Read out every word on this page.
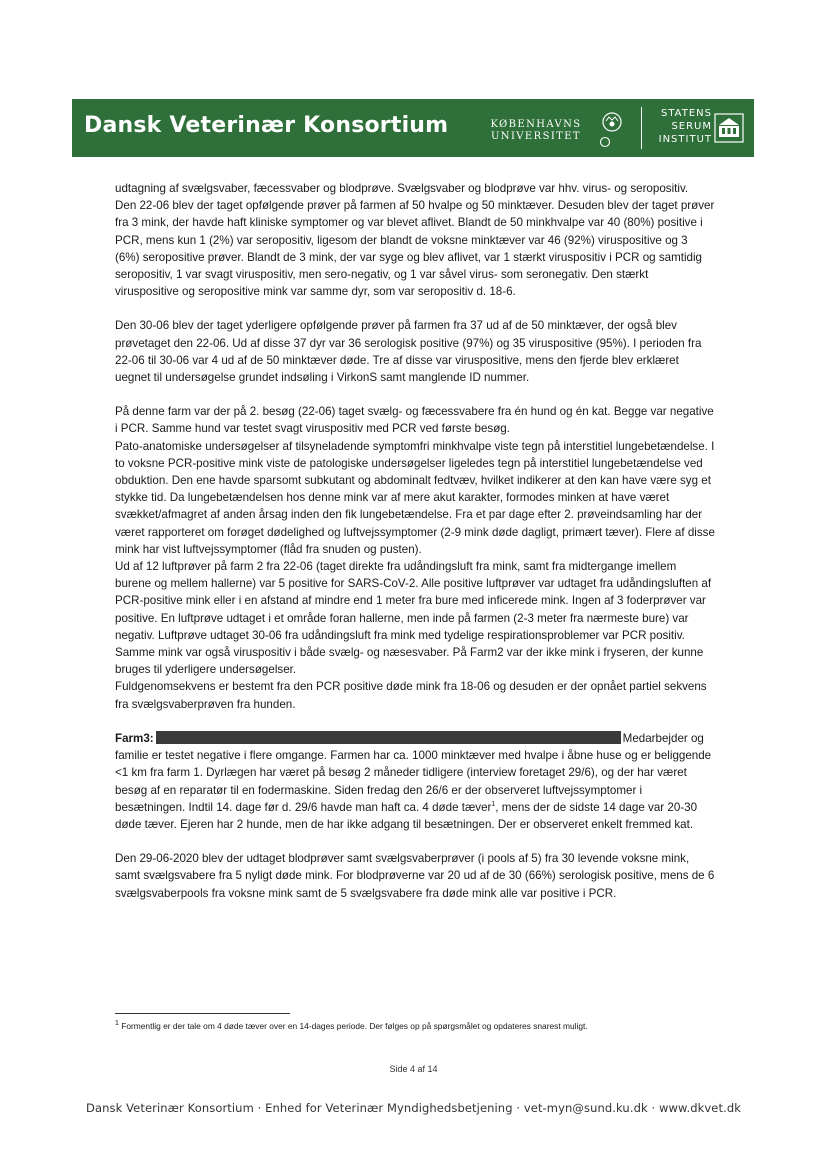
Dansk Veterinær Konsortium	KØBENHAVNS
UNIVERSITET
STATENS
SERUM
INSTITUT

udtagning af svælgsvaber, fæcessvaber og blodprøve. Svælgsvaber og blodprøve var hhv. virus- og seropositiv.

Den 22-06 blev der taget opfølgende prøver på farmen af 50 hvalpe og 50 minktæver. Desuden blev der taget prøver fra 3 mink, der havde haft kliniske symptomer og var blevet aflivet. Blandt de 50 minkhvalpe var 40 (80%) positive i PCR, mens kun 1 (2%) var seropositiv, ligesom der blandt de voksne minktæver var 46 (92%) viruspositive og 3 (6%) seropositive prøver. Blandt de 3 mink, der var syge og blev aflivet, var 1 stærkt viruspositiv i PCR og samtidig seropositiv, 1 var svagt viruspositiv, men sero-negativ, og 1 var såvel virus- som seronegativ. Den stærkt viruspositive og seropositive mink var samme dyr, som var seropositiv d. 18-6.

Den 30-06 blev der taget yderligere opfølgende prøver på farmen fra 37 ud af de 50 minktæver, der også blev prøvetaget den 22-06. Ud af disse 37 dyr var 36 serologisk positive (97%) og 35 viruspositive (95%). I perioden fra 22-06 til 30-06 var 4 ud af de 50 minktæver døde. Tre af disse var viruspositive, mens den fjerde blev erklæret uegnet til undersøgelse grundet indsøling i VirkonS samt manglende ID nummer.

På denne farm var der på 2. besøg (22-06) taget svælg- og fæcessvabere fra én hund og én kat. Begge var negative i PCR. Samme hund var testet svagt viruspositiv med PCR ved første besøg.

Pato-anatomiske undersøgelser af tilsyneladende symptomfri minkhvalpe viste tegn på interstitiel lungebetændelse. I to voksne PCR-positive mink viste de patologiske undersøgelser ligeledes tegn på interstitiel lungebetændelse ved obduktion. Den ene havde sparsomt subkutant og abdominalt fedtvæv, hvilket indikerer at den kan have være syg et stykke tid. Da lungebetændelsen hos denne mink var af mere akut karakter, formodes minken at have været svækket/afmagret af anden årsag inden den fik lungebetændelse. Fra et par dage efter 2. prøveindsamling har der været rapporteret om forøget dødelighed og luftvejssymptomer (2-9 mink døde dagligt, primært tæver). Flere af disse mink har vist luftvejssymptomer (flåd fra snuden og pusten).

Ud af 12 luftprøver på farm 2 fra 22-06 (taget direkte fra udåndingsluft fra mink, samt fra midtergange imellem burene og mellem hallerne) var 5 positive for SARS-CoV-2. Alle positive luftprøver var udtaget fra udåndingsluften af PCR-positive mink eller i en afstand af mindre end 1 meter fra bure med inficerede mink. Ingen af 3 foderprøver var positive. En luftprøve udtaget i et område foran hallerne, men inde på farmen (2-3 meter fra nærmeste bure) var negativ. Luftprøve udtaget 30-06 fra udåndingsluft fra mink med tydelige respirationsproblemer var PCR positiv. Samme mink var også viruspositiv i både svælg- og næsesvaber. På Farm2 var der ikke mink i fryseren, der kunne bruges til yderligere undersøgelser.

Fuldgenomsekvens er bestemt fra den PCR positive døde mink fra 18-06 og desuden er der opnået partiel sekvens fra svælgsvaberprøven fra hunden.

Farm3:	Medarbejder og familie er testet negative i flere omgange. Farmen har ca. 1000 minktæver med hvalpe i åbne huse og er beliggende <1 km fra farm 1. Dyrlægen har været på besøg 2 måneder tidligere (interview foretaget 29/6), og der har været besøg af en reparatør til en fodermaskine. Siden fredag den 26/6 er der observeret luftvejssymptomer i besætningen. Indtil 14. dage før d. 29/6 havde man haft ca. 4 døde tæver$^1$, mens der de sidste 14 dage var 20-30 døde tæver. Ejeren har 2 hunde, men de har ikke adgang til besætningen. Der er observeret enkelt fremmed kat.

Den 29-06-2020 blev der udtaget blodprøver samt svælgsvaberprøver (i pools af 5) fra 30 levende voksne mink, samt svælgsvabere fra 5 nyligt døde mink. For blodprøverne var 20 ud af de 30 (66%) serologisk positive, mens de 6 svælgsvaberpools fra voksne mink samt de 5 svælgsvabere fra døde mink alle var positive i PCR.

$^1$ Formentlig er der tale om 4 døde tæver over en 14-dages periode. Der følges op på spørgsmålet og opdateres snarest muligt.
Side 4 af 14
Dansk Veterinær Konsortium · Enhed for Veterinær Myndighedsbetjening · vet-myn@sund.ku.dk · www.dkvet.dk
